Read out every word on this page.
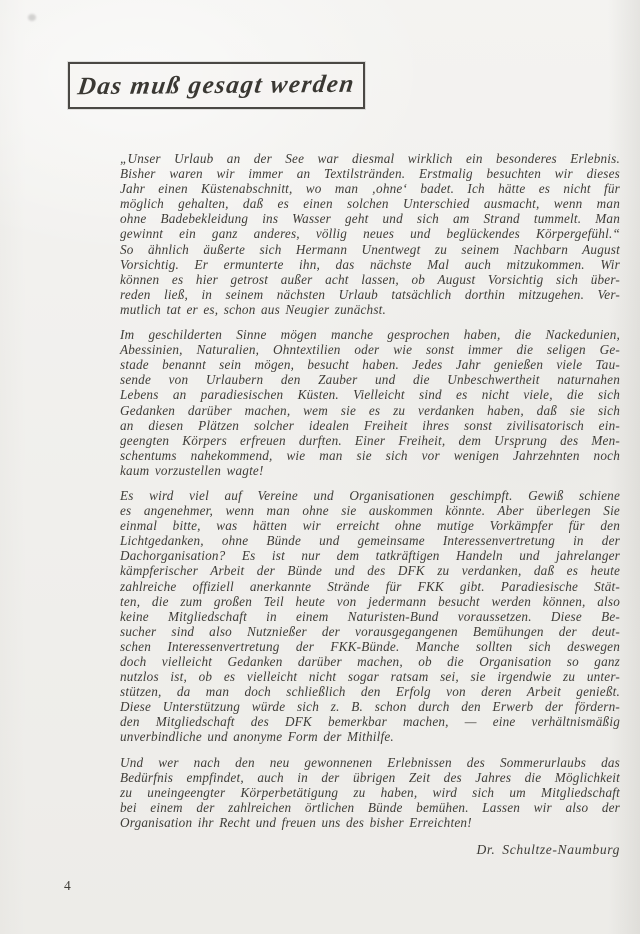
Das muß gesagt werden
„Unser Urlaub an der See war diesmal wirklich ein besonderes Erlebnis.
Bisher waren wir immer an Textilstränden. Erstmalig besuchten wir dieses
Jahr einen Küstenabschnitt, wo man ‚ohne‘ badet. Ich hätte es nicht für
möglich gehalten, daß es einen solchen Unterschied ausmacht, wenn man
ohne Badebekleidung ins Wasser geht und sich am Strand tummelt. Man
gewinnt ein ganz anderes, völlig neues und beglückendes Körpergefühl.“
So ähnlich äußerte sich Hermann Unentwegt zu seinem Nachbarn August
Vorsichtig. Er ermunterte ihn, das nächste Mal auch mitzukommen. Wir
können es hier getrost außer acht lassen, ob August Vorsichtig sich über-
reden ließ, in seinem nächsten Urlaub tatsächlich dorthin mitzugehen. Ver-
mutlich tat er es, schon aus Neugier zunächst.
Im geschilderten Sinne mögen manche gesprochen haben, die Nackedunien,
Abessinien, Naturalien, Ohntextilien oder wie sonst immer die seligen Ge-
stade benannt sein mögen, besucht haben. Jedes Jahr genießen viele Tau-
sende von Urlaubern den Zauber und die Unbeschwertheit naturnahen
Lebens an paradiesischen Küsten. Vielleicht sind es nicht viele, die sich
Gedanken darüber machen, wem sie es zu verdanken haben, daß sie sich
an diesen Plätzen solcher idealen Freiheit ihres sonst zivilisatorisch ein-
geengten Körpers erfreuen durften. Einer Freiheit, dem Ursprung des Men-
schentums nahekommend, wie man sie sich vor wenigen Jahrzehnten noch
kaum vorzustellen wagte!
Es wird viel auf Vereine und Organisationen geschimpft. Gewiß schiene
es angenehmer, wenn man ohne sie auskommen könnte. Aber überlegen Sie
einmal bitte, was hätten wir erreicht ohne mutige Vorkämpfer für den
Lichtgedanken, ohne Bünde und gemeinsame Interessenvertretung in der
Dachorganisation? Es ist nur dem tatkräftigen Handeln und jahrelanger
kämpferischer Arbeit der Bünde und des DFK zu verdanken, daß es heute
zahlreiche offiziell anerkannte Strände für FKK gibt. Paradiesische Stät-
ten, die zum großen Teil heute von jedermann besucht werden können, also
keine Mitgliedschaft in einem Naturisten-Bund voraussetzen. Diese Be-
sucher sind also Nutznießer der vorausgegangenen Bemühungen der deut-
schen Interessenvertretung der FKK-Bünde. Manche sollten sich deswegen
doch vielleicht Gedanken darüber machen, ob die Organisation so ganz
nutzlos ist, ob es vielleicht nicht sogar ratsam sei, sie irgendwie zu unter-
stützen, da man doch schließlich den Erfolg von deren Arbeit genießt.
Diese Unterstützung würde sich z. B. schon durch den Erwerb der fördern-
den Mitgliedschaft des DFK bemerkbar machen, — eine verhältnismäßig
unverbindliche und anonyme Form der Mithilfe.
Und wer nach den neu gewonnenen Erlebnissen des Sommerurlaubs das
Bedürfnis empfindet, auch in der übrigen Zeit des Jahres die Möglichkeit
zu uneingeengter Körperbetätigung zu haben, wird sich um Mitgliedschaft
bei einem der zahlreichen örtlichen Bünde bemühen. Lassen wir also der
Organisation ihr Recht und freuen uns des bisher Erreichten!
Dr. Schultze-Naumburg
4
